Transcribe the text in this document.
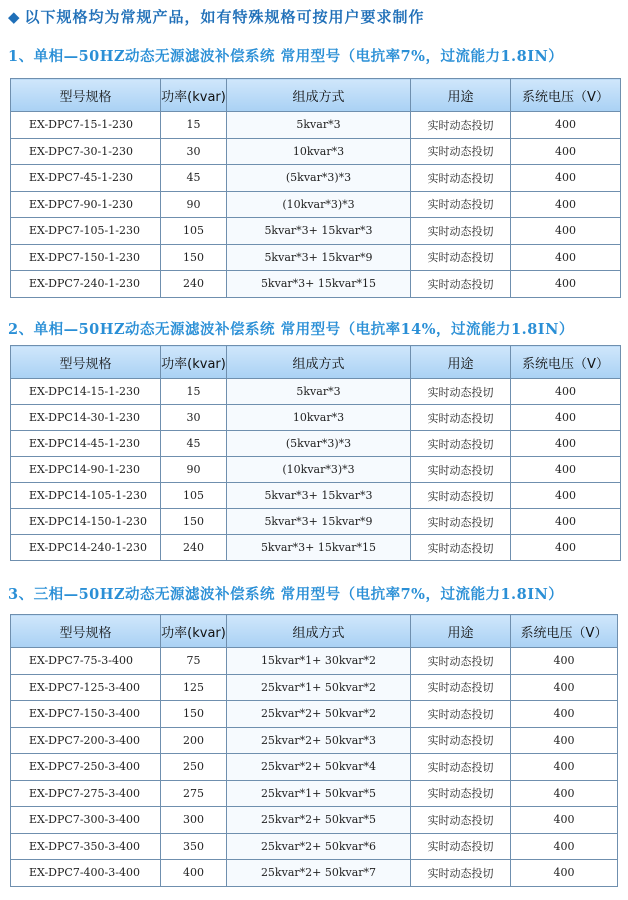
◆ 以下规格均为常规产品，如有特殊规格可按用户要求制作
1、单相—50HZ动态无源滤波补偿系统 常用型号（电抗率7%，过流能力1.8IN）
型号规格	功率(kvar)	组成方式	用途	系统电压（V）
EX-DPC7-15-1-230	15	5kvar*3	实时动态投切	400
EX-DPC7-30-1-230	30	10kvar*3	实时动态投切	400
EX-DPC7-45-1-230	45	(5kvar*3)*3	实时动态投切	400
EX-DPC7-90-1-230	90	(10kvar*3)*3	实时动态投切	400
EX-DPC7-105-1-230	105	5kvar*3+ 15kvar*3	实时动态投切	400
EX-DPC7-150-1-230	150	5kvar*3+ 15kvar*9	实时动态投切	400
EX-DPC7-240-1-230	240	5kvar*3+ 15kvar*15	实时动态投切	400
2、单相—50HZ动态无源滤波补偿系统 常用型号（电抗率14%，过流能力1.8IN）
型号规格	功率(kvar)	组成方式	用途	系统电压（V）
EX-DPC14-15-1-230	15	5kvar*3	实时动态投切	400
EX-DPC14-30-1-230	30	10kvar*3	实时动态投切	400
EX-DPC14-45-1-230	45	(5kvar*3)*3	实时动态投切	400
EX-DPC14-90-1-230	90	(10kvar*3)*3	实时动态投切	400
EX-DPC14-105-1-230	105	5kvar*3+ 15kvar*3	实时动态投切	400
EX-DPC14-150-1-230	150	5kvar*3+ 15kvar*9	实时动态投切	400
EX-DPC14-240-1-230	240	5kvar*3+ 15kvar*15	实时动态投切	400
3、三相—50HZ动态无源滤波补偿系统 常用型号（电抗率7%，过流能力1.8IN）
型号规格	功率(kvar)	组成方式	用途	系统电压（V）
EX-DPC7-75-3-400	75	15kvar*1+ 30kvar*2	实时动态投切	400
EX-DPC7-125-3-400	125	25kvar*1+ 50kvar*2	实时动态投切	400
EX-DPC7-150-3-400	150	25kvar*2+ 50kvar*2	实时动态投切	400
EX-DPC7-200-3-400	200	25kvar*2+ 50kvar*3	实时动态投切	400
EX-DPC7-250-3-400	250	25kvar*2+ 50kvar*4	实时动态投切	400
EX-DPC7-275-3-400	275	25kvar*1+ 50kvar*5	实时动态投切	400
EX-DPC7-300-3-400	300	25kvar*2+ 50kvar*5	实时动态投切	400
EX-DPC7-350-3-400	350	25kvar*2+ 50kvar*6	实时动态投切	400
EX-DPC7-400-3-400	400	25kvar*2+ 50kvar*7	实时动态投切	400
